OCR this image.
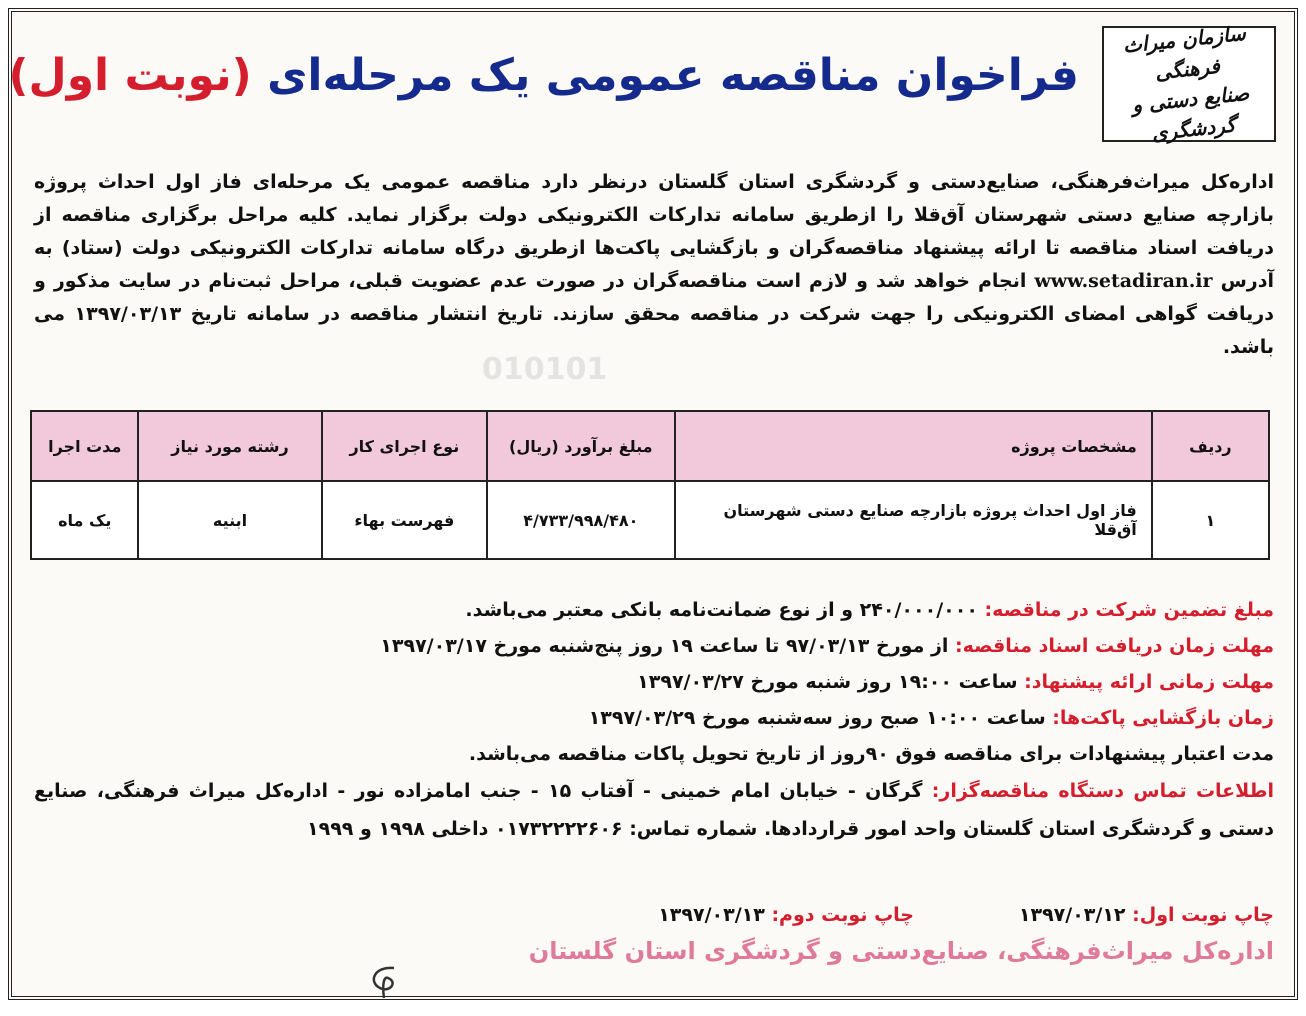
010101
سازمان میراث فرهنگی
صنایع دستی و گردشگری
فراخوان مناقصه عمومی یک مرحله‌ای (نوبت اول)
اداره‌کل میراث‌فرهنگی، صنایع‌دستی و گردشگری استان گلستان درنظر دارد مناقصه عمومی یک مرحله‌ای فاز اول احداث پروژه بازارچه صنایع دستی شهرستان آق‌قلا را ازطریق سامانه تدارکات الکترونیکی دولت برگزار نماید. کلیه مراحل برگزاری مناقصه از دریافت اسناد مناقصه تا ارائه پیشنهاد مناقصه‌گران و بازگشایی پاکت‌ها ازطریق درگاه سامانه تدارکات الکترونیکی دولت (ستاد) به آدرس www.setadiran.ir انجام خواهد شد و لازم است مناقصه‌گران در صورت عدم عضویت قبلی، مراحل ثبت‌نام در سایت مذکور و دریافت گواهی امضای الکترونیکی را جهت شرکت در مناقصه محقق سازند. تاریخ انتشار مناقصه در سامانه تاریخ ۱۳۹۷/۰۳/۱۳ می باشد.
ردیف	مشخصات پروژه	مبلغ برآورد (ریال)	نوع اجرای کار	رشته مورد نیاز	مدت اجرا
۱	فاز اول احداث پروژه بازارچه صنایع دستی شهرستان آق‌قلا	۴/۷۳۳/۹۹۸/۴۸۰	فهرست بهاء	ابنیه	یک ماه
مبلغ تضمین شرکت در مناقصه: ۲۴۰/۰۰۰/۰۰۰ و از نوع ضمانت‌نامه بانکی معتبر می‌باشد.
مهلت زمان دریافت اسناد مناقصه: از مورخ ۹۷/۰۳/۱۳ تا ساعت ۱۹ روز پنج‌شنبه مورخ ۱۳۹۷/۰۳/۱۷
مهلت زمانی ارائه پیشنهاد: ساعت ۱۹:۰۰ روز شنبه مورخ ۱۳۹۷/۰۳/۲۷
زمان بازگشایی پاکت‌ها: ساعت ۱۰:۰۰ صبح روز سه‌شنبه مورخ ۱۳۹۷/۰۳/۲۹
مدت اعتبار پیشنهادات برای مناقصه فوق ۹۰روز از تاریخ تحویل پاکات مناقصه می‌باشد.
اطلاعات تماس دستگاه مناقصه‌گزار: گرگان - خیابان امام خمینی - آفتاب ۱۵ - جنب امامزاده نور - اداره‌کل میراث فرهنگی، صنایع دستی و گردشگری استان گلستان واحد امور قراردادها. شماره تماس: ۰۱۷۳۲۲۲۲۶۰۶ داخلی ۱۹۹۸ و ۱۹۹۹
چاپ نوبت اول: ۱۳۹۷/۰۳/۱۲
چاپ نوبت دوم: ۱۳۹۷/۰۳/۱۳
اداره‌کل میراث‌فرهنگی، صنایع‌دستی و گردشگری استان گلستان
